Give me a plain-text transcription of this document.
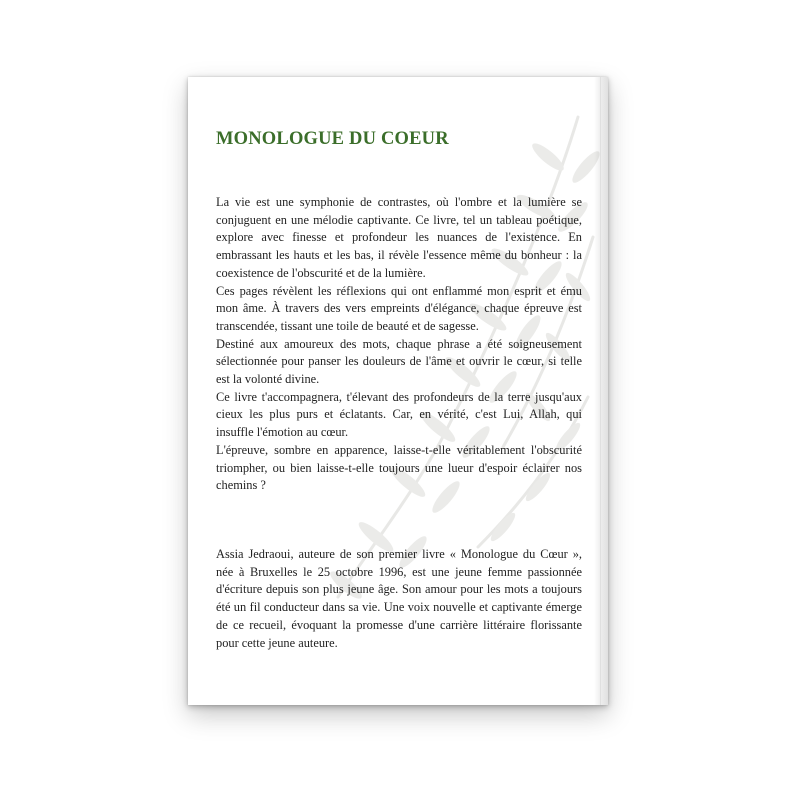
MONOLOGUE DU COEUR

La vie est une symphonie de contrastes, où l'ombre et la lumière se conjuguent en une mélodie captivante. Ce livre, tel un tableau poétique, explore avec finesse et profondeur les nuances de l'existence. En embrassant les hauts et les bas, il révèle l'essence même du bonheur : la coexistence de l'obscurité et de la lumière.

Ces pages révèlent les réflexions qui ont enflammé mon esprit et ému mon âme. À travers des vers empreints d'élégance, chaque épreuve est transcendée, tissant une toile de beauté et de sagesse.

Destiné aux amoureux des mots, chaque phrase a été soigneusement sélectionnée pour panser les douleurs de l'âme et ouvrir le cœur, si telle est la volonté divine.

Ce livre t'accompagnera, t'élevant des profondeurs de la terre jusqu'aux cieux les plus purs et éclatants. Car, en vérité, c'est Lui, Allah, qui insuffle l'émotion au cœur.

L'épreuve, sombre en apparence, laisse-t-elle véritablement l'obscurité triompher, ou bien laisse-t-elle toujours une lueur d'espoir éclairer nos chemins ?

Assia Jedraoui, auteure de son premier livre « Monologue du Cœur », née à Bruxelles le 25 octobre 1996, est une jeune femme passionnée d'écriture depuis son plus jeune âge. Son amour pour les mots a toujours été un fil conducteur dans sa vie. Une voix nouvelle et captivante émerge de ce recueil, évoquant la promesse d'une carrière littéraire florissante pour cette jeune auteure.
